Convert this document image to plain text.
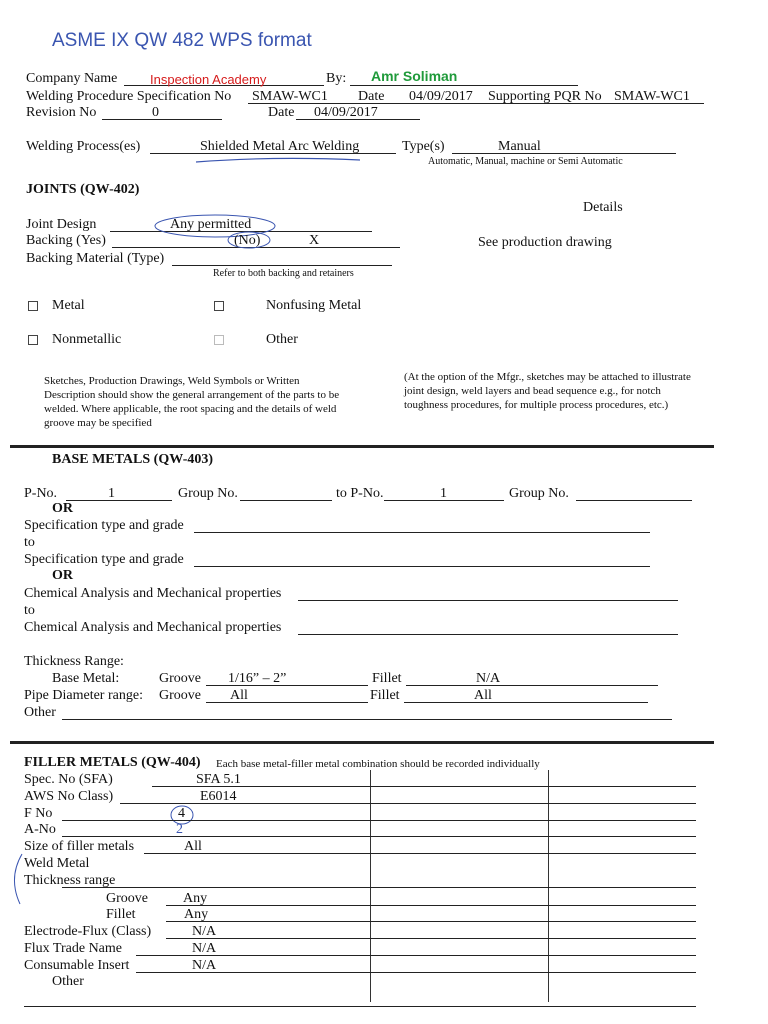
ASME IX QW 482 WPS format
Company Name	Inspection Academy	By: Amr Soliman
Welding Procedure Specification No SMAW-WC1 Date 04/09/2017 Supporting PQR No SMAW-WC1
Revision No	0	Date 04/09/2017
Welding Process(es)	Shielded Metal Arc Welding	Type(s)	Manual
Automatic, Manual, machine or Semi Automatic
JOINTS (QW-402)
Details
Joint Design	Any permitted
Backing (Yes)	(No)	X	See production drawing
Backing Material (Type)
Refer to both backing and retainers
Metal	Nonfusing Metal
Nonmetallic	Other
Sketches, Production Drawings, Weld Symbols or Written Description should show the general arrangement of the parts to be welded. Where applicable, the root spacing and the details of weld groove may be specified
(At the option of the Mfgr., sketches may be attached to illustrate joint design, weld layers and bead sequence e.g., for notch toughness procedures, for multiple process procedures, etc.)
BASE METALS (QW-403)
P-No.	1	Group No.	to P-No.	1	Group No.
OR
Specification type and grade
to
Specification type and grade
OR
Chemical Analysis and Mechanical properties
to
Chemical Analysis and Mechanical properties
Thickness Range:
Base Metal:	Groove 1/16” – 2”	Fillet	N/A
Pipe Diameter range: Groove All	Fillet	All
Other
FILLER METALS (QW-404) Each base metal-filler metal combination should be recorded individually
Spec. No (SFA)	SFA 5.1
AWS No Class)	E6014
F No	4
A-No	2
Size of filler metals	All
Weld Metal
Thickness range
Groove	Any
Fillet	Any
Electrode-Flux (Class)	N/A
Flux Trade Name	N/A
Consumable Insert	N/A
Other
